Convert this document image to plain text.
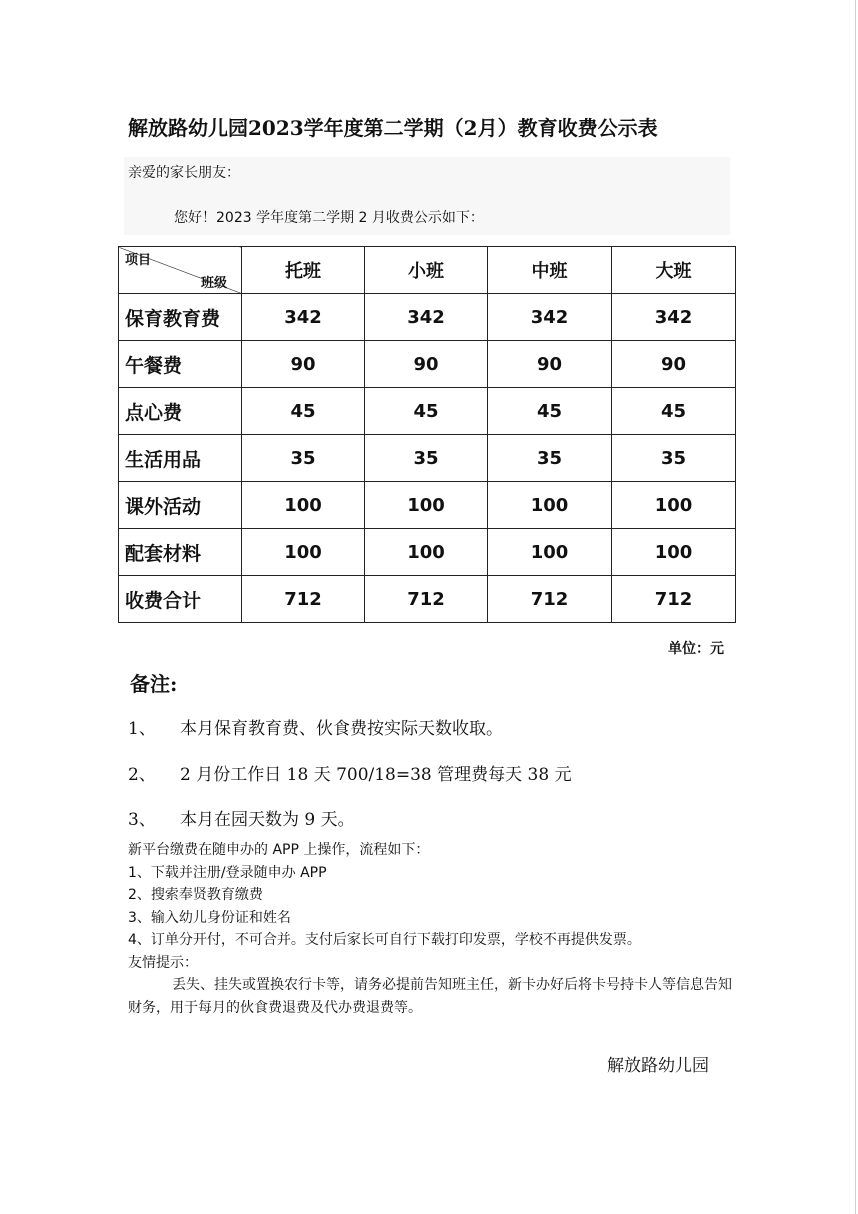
解放路幼儿园2023学年度第二学期（2月）教育收费公示表
亲爱的家长朋友：
您好！2023 学年度第二学期 2 月收费公示如下：
项目
班级	托班	小班	中班	大班
保育教育费	342	342	342	342
午餐费	90	90	90	90
点心费	45	45	45	45
生活用品	35	35	35	35
课外活动	100	100	100	100
配套材料	100	100	100	100
收费合计	712	712	712	712
单位：元
备注:
1、 本月保育教育费、伙食费按实际天数收取。
2、 2 月份工作日 18 天 700/18=38 管理费每天 38 元
3、 本月在园天数为 9 天。
新平台缴费在随申办的 APP 上操作，流程如下：
1、下载并注册/登录随申办 APP
2、搜索奉贤教育缴费
3、输入幼儿身份证和姓名
4、订单分开付，不可合并。支付后家长可自行下载打印发票，学校不再提供发票。
友情提示：
丢失、挂失或置换农行卡等，请务必提前告知班主任，新卡办好后将卡号持卡人等信息告知财务，用于每月的伙食费退费及代办费退费等。
解放路幼儿园
